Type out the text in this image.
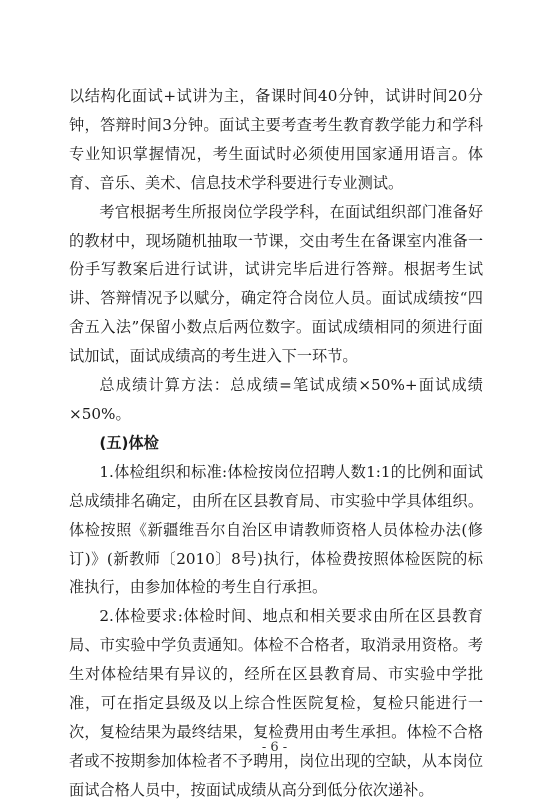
以结构化面试+试讲为主，备课时间40分钟，试讲时间20分钟，答辩时间3分钟。面试主要考查考生教育教学能力和学科专业知识掌握情况，考生面试时必须使用国家通用语言。体育、音乐、美术、信息技术学科要进行专业测试。

考官根据考生所报岗位学段学科，在面试组织部门准备好的教材中，现场随机抽取一节课，交由考生在备课室内准备一份手写教案后进行试讲，试讲完毕后进行答辩。根据考生试讲、答辩情况予以赋分，确定符合岗位人员。面试成绩按“四舍五入法”保留小数点后两位数字。面试成绩相同的须进行面试加试，面试成绩高的考生进入下一环节。

总成绩计算方法：总成绩=笔试成绩×50%+面试成绩×50%。

(五)体检

1.体检组织和标准:体检按岗位招聘人数1:1的比例和面试总成绩排名确定，由所在区县教育局、市实验中学具体组织。体检按照《新疆维吾尔自治区申请教师资格人员体检办法(修订)》(新教师〔2010〕8号)执行，体检费按照体检医院的标准执行，由参加体检的考生自行承担。

2.体检要求:体检时间、地点和相关要求由所在区县教育局、市实验中学负责通知。体检不合格者，取消录用资格。考生对体检结果有异议的，经所在区县教育局、市实验中学批准，可在指定县级及以上综合性医院复检，复检只能进行一次，复检结果为最终结果，复检费用由考生承担。体检不合格者或不按期参加体检者不予聘用，岗位出现的空缺，从本岗位面试合格人员中，按面试成绩从高分到低分依次递补。

- 6 -
